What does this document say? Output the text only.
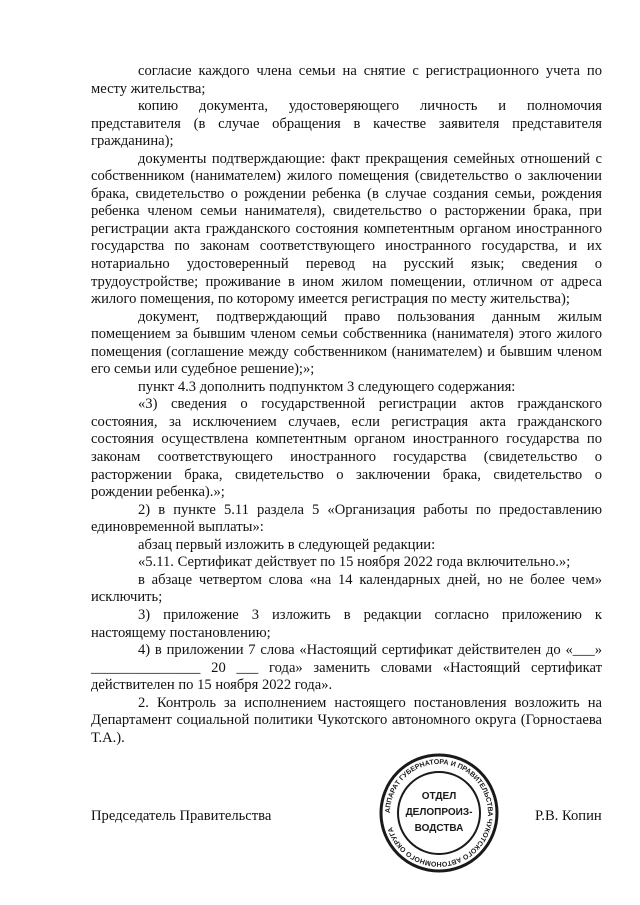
согласие каждого члена семьи на снятие с регистрационного учета по месту жительства;

копию документа, удостоверяющего личность и полномочия представителя (в случае обращения в качестве заявителя представителя гражданина);

документы подтверждающие: факт прекращения семейных отношений с собственником (нанимателем) жилого помещения (свидетельство о заключении брака, свидетельство о рождении ребенка (в случае создания семьи, рождения ребенка членом семьи нанимателя), свидетельство о расторжении брака, при регистрации акта гражданского состояния компетентным органом иностранного государства по законам соответствующего иностранного государства, и их нотариально удостоверенный перевод на русский язык; сведения о трудоустройстве; проживание в ином жилом помещении, отличном от адреса жилого помещения, по которому имеется регистрация по месту жительства);

документ, подтверждающий право пользования данным жилым помещением за бывшим членом семьи собственника (нанимателя) этого жилого помещения (соглашение между собственником (нанимателем) и бывшим членом его семьи или судебное решение);»;

пункт 4.3 дополнить подпунктом 3 следующего содержания:

«3) сведения о государственной регистрации актов гражданского состояния, за исключением случаев, если регистрация акта гражданского состояния осуществлена компетентным органом иностранного государства по законам соответствующего иностранного государства (свидетельство о расторжении брака, свидетельство о заключении брака, свидетельство о рождении ребенка).»;

2) в пункте 5.11 раздела 5 «Организация работы по предоставлению единовременной выплаты»:

абзац первый изложить в следующей редакции:

«5.11. Сертификат действует по 15 ноября 2022 года включительно.»;

в абзаце четвертом слова «на 14 календарных дней, но не более чем» исключить;

3) приложение 3 изложить в редакции согласно приложению к настоящему постановлению;

4) в приложении 7 слова «Настоящий сертификат действителен до «___» _______________ 20 ___ года» заменить словами «Настоящий сертификат действителен по 15 ноября 2022 года».

2. Контроль за исполнением настоящего постановления возложить на Департамент социальной политики Чукотского автономного округа (Горностаева Т.А.).

Председатель Правительства	Р.В. Копин
АППАРАТ ГУБЕРНАТОРА И ПРАВИТЕЛЬСТВА ЧУКОТСКОГО АВТОНОМНОГО ОКРУГА
ОТДЕЛ
ДЕЛОПРОИЗ-
ВОДСТВА
